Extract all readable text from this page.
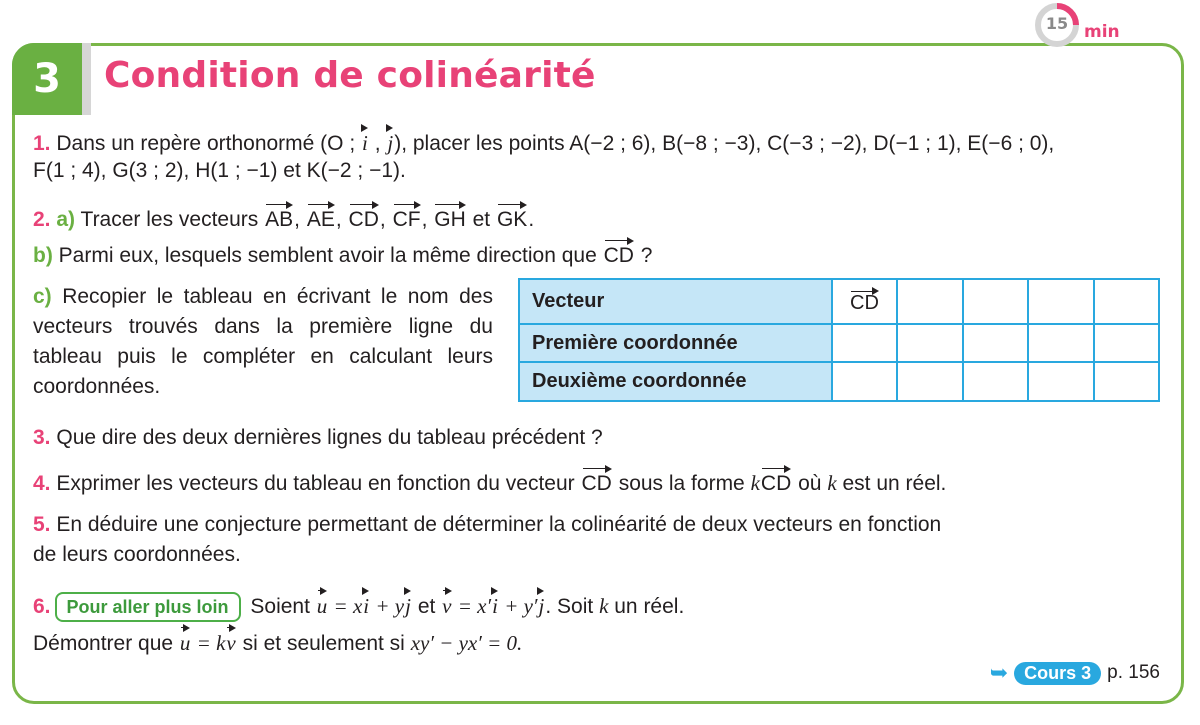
3	Condition de colinéarité
15 min
1. Dans un repère orthonormé (O ; i , j), placer les points A(−2 ; 6), B(−8 ; −3), C(−3 ; −2), D(−1 ; 1), E(−6 ; 0),
F(1 ; 4), G(3 ; 2), H(1 ; −1) et K(−2 ; −1).
2. a) Tracer les vecteurs AB, AE, CD, CF, GH et GK.
b) Parmi eux, lesquels semblent avoir la même direction que CD ?
c) Recopier le tableau en écrivant le nom des vecteurs trouvés dans la première ligne du tableau puis le compléter en calculant leurs coordonnées.
Vecteur	CD				
Première coordonnée					
Deuxième coordonnée					
3. Que dire des deux dernières lignes du tableau précédent ?
4. Exprimer les vecteurs du tableau en fonction du vecteur CD sous la forme kCD où k est un réel.
5. En déduire une conjecture permettant de déterminer la colinéarité de deux vecteurs en fonction
de leurs coordonnées.
6. Pour aller plus loin Soient u = xi + yj et v = x′i + y′j. Soit k un réel.
Démontrer que u = kv si et seulement si xy′ − yx′ = 0.
➥ Cours 3 p. 156
